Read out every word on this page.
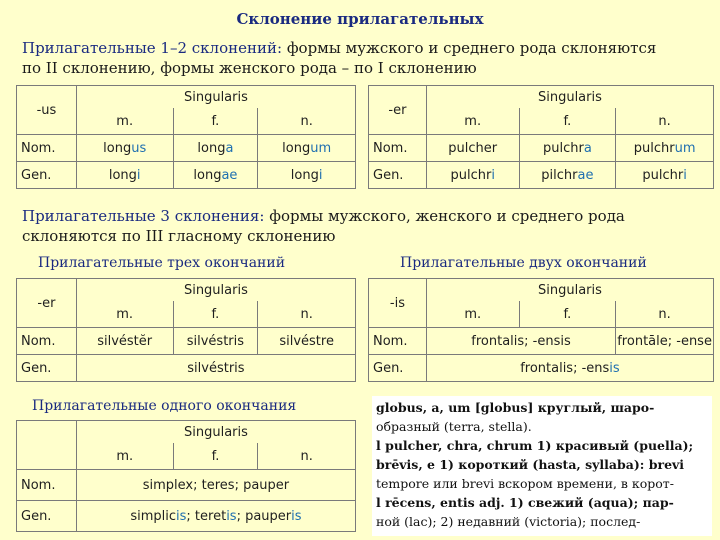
Склонение прилагательных
Прилагательные 1–2 склонений: формы мужского и среднего рода склоняются
по II склонению, формы женского рода – по I склонению
-us	Singularis		
	m.	f.	n.
Nom.	longus	longa	longum
Gen.	longi	longae	longi
-er	Singularis		
	m.	f.	n.
Nom.	pulcher	pulchra	pulchrum
Gen.	pulchri	pilchrae	pulchri
Прилагательные 3 склонения: формы мужского, женского и среднего рода
склоняются по III гласному склонению
Прилагательные трех окончаний	Прилагательные двух окончаний
-er	Singularis		
	m.	f.	n.
Nom.	silvéstĕr	silvéstris	silvéstre
Gen.	silvéstris		
-is	Singularis		
	m.	f.	n.
Nom.	frontalis; -ensis		frontāle; -ense
Gen.	frontalis; -ensis		
Прилагательные одного окончания
	Singularis		
	m.	f.	n.
Nom.	simplex; teres; pauper		
Gen.	simplicis; teretis; pauperis		

globus, a, um [globus] круглый, шаро-

образный (terra, stella).

l pulcher, chra, chrum 1) красивый (puella);

brēvis, e 1) короткий (hasta, syllaba): brevi

tempore или brevi вскором времени, в корот-

l rēcens, entis adj. 1) свежий (aqua); пар-

ной (lac); 2) недавний (victoria); послед-
